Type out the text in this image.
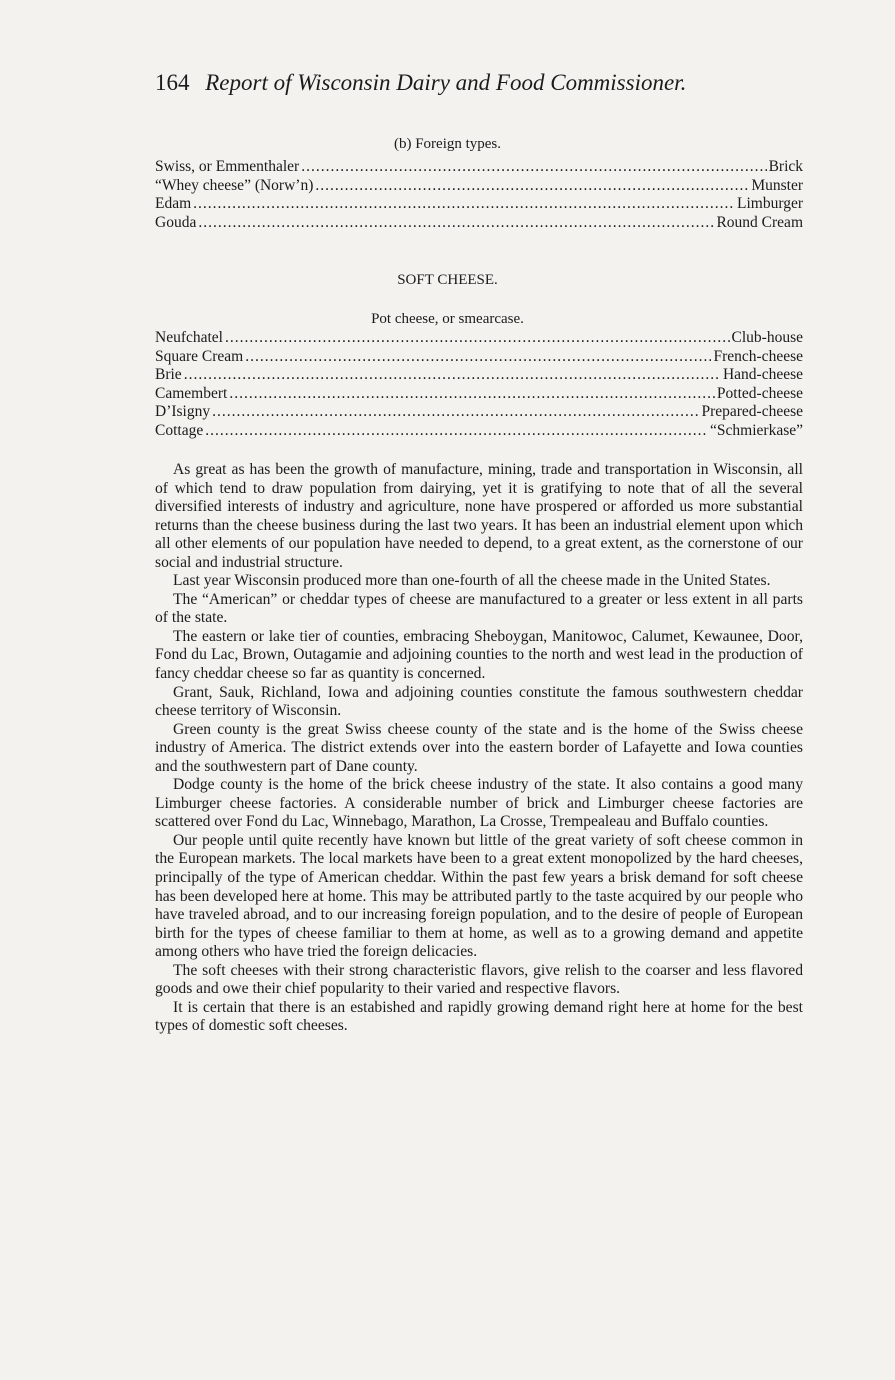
164 Report of Wisconsin Dairy and Food Commissioner.
(b) Foreign types.
Swiss, or Emmenthaler .....	Brick
“Whey cheese” (Norw’n) .....	Munster
Edam .....	Limburger
Gouda .....	Round Cream
SOFT CHEESE.
Pot cheese, or smearcase.
Neufchatel .....	Club-house
Square Cream .....	French-cheese
Brie .....	Hand-cheese
Camembert .....	Potted-cheese
D’Isigny .....	Prepared-cheese
Cottage .....	“Schmierkase”

As great as has been the growth of manufacture, mining, trade and transportation in Wisconsin, all of which tend to draw population from dairying, yet it is gratifying to note that of all the several diversified interests of industry and agriculture, none have prospered or afforded us more substantial returns than the cheese business during the last two years. It has been an industrial element upon which all other elements of our population have needed to depend, to a great extent, as the cornerstone of our social and industrial structure.

Last year Wisconsin produced more than one-fourth of all the cheese made in the United States.

The “American” or cheddar types of cheese are manufactured to a greater or less extent in all parts of the state.

The eastern or lake tier of counties, embracing Sheboygan, Manitowoc, Calumet, Kewaunee, Door, Fond du Lac, Brown, Outagamie and adjoining counties to the north and west lead in the production of fancy cheddar cheese so far as quantity is concerned.

Grant, Sauk, Richland, Iowa and adjoining counties constitute the famous southwestern cheddar cheese territory of Wisconsin.

Green county is the great Swiss cheese county of the state and is the home of the Swiss cheese industry of America. The district extends over into the eastern border of Lafayette and Iowa counties and the southwestern part of Dane county.

Dodge county is the home of the brick cheese industry of the state. It also contains a good many Limburger cheese factories. A considerable number of brick and Limburger cheese factories are scattered over Fond du Lac, Winnebago, Marathon, La Crosse, Trempealeau and Buffalo counties.

Our people until quite recently have known but little of the great variety of soft cheese common in the European markets. The local markets have been to a great extent monopolized by the hard cheeses, principally of the type of American cheddar. Within the past few years a brisk demand for soft cheese has been developed here at home. This may be attributed partly to the taste acquired by our people who have traveled abroad, and to our increasing foreign population, and to the desire of people of European birth for the types of cheese familiar to them at home, as well as to a growing demand and appetite among others who have tried the foreign delicacies.

The soft cheeses with their strong characteristic flavors, give relish to the coarser and less flavored goods and owe their chief popularity to their varied and respective flavors.

It is certain that there is an estabished and rapidly growing demand right here at home for the best types of domestic soft cheeses.
